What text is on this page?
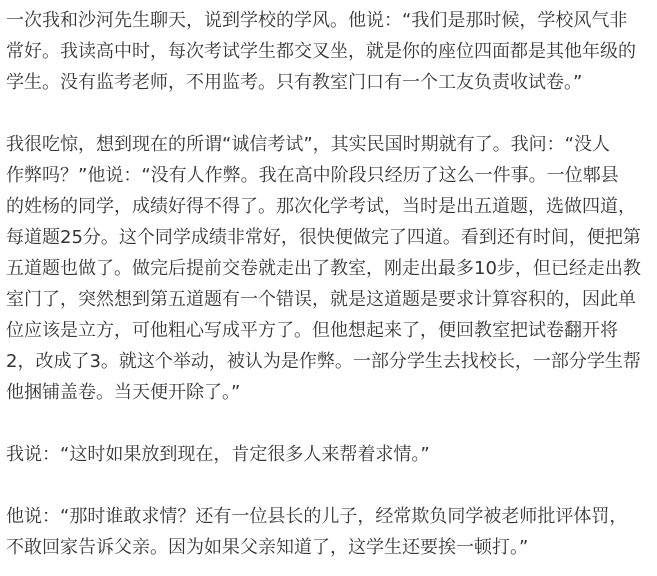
一次我和沙河先生聊天，说到学校的学风。他说：“我们是那时候，学校风气非
常好。我读高中时，每次考试学生都交叉坐，就是你的座位四面都是其他年级的
学生。没有监考老师，不用监考。只有教室门口有一个工友负责收试卷。”
我很吃惊，想到现在的所谓“诚信考试”，其实民国时期就有了。我问：“没人
作弊吗？”他说：“没有人作弊。我在高中阶段只经历了这么一件事。一位郫县
的姓杨的同学，成绩好得不得了。那次化学考试，当时是出五道题，选做四道，
每道题25分。这个同学成绩非常好，很快便做完了四道。看到还有时间，便把第
五道题也做了。做完后提前交卷就走出了教室，刚走出最多10步，但已经走出教
室门了，突然想到第五道题有一个错误，就是这道题是要求计算容积的，因此单
位应该是立方，可他粗心写成平方了。但他想起来了，便回教室把试卷翻开将
2，改成了3。就这个举动，被认为是作弊。一部分学生去找校长，一部分学生帮
他捆铺盖卷。当天便开除了。”
我说：“这时如果放到现在，肯定很多人来帮着求情。”
他说：“那时谁敢求情？还有一位县长的儿子，经常欺负同学被老师批评体罚，
不敢回家告诉父亲。因为如果父亲知道了，这学生还要挨一顿打。”
